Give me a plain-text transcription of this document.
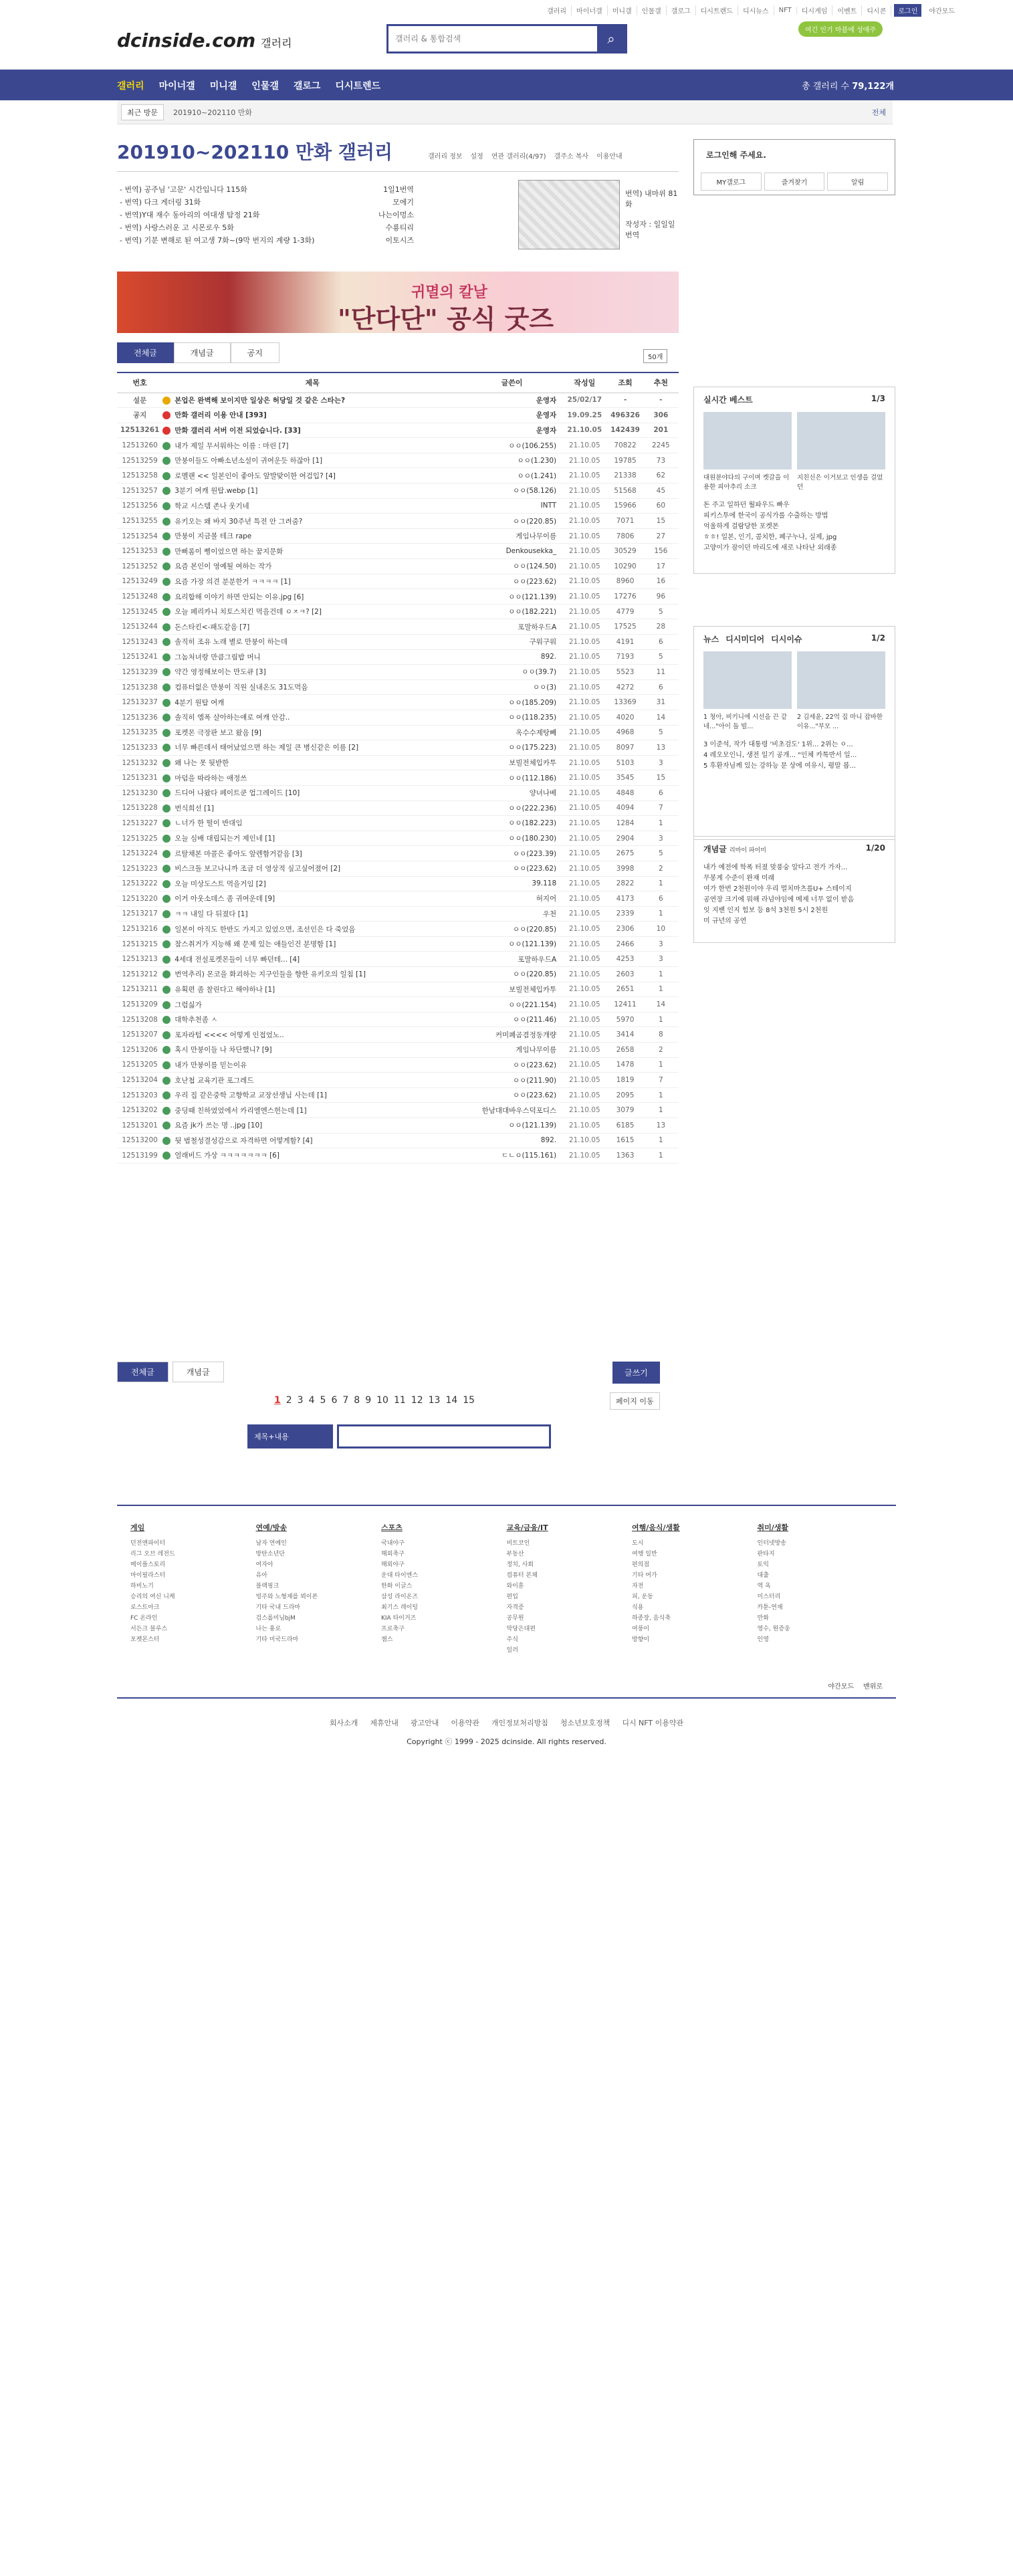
갤러리	마이너갤	미니갤	인물갤	갤로그	디시트렌드	디시뉴스	NFT	디시게임	이벤트	디시콘	로그인	야간모드
dcinside.com 갤러리
갤러리 & 통합검색	⌕
여긴 인기 마블에 성애주
갤러리 마이너갤 미니갤 인물갤 갤로그 디시트렌드	총 갤러리 수 79,122개
최근 방문	201910~202110 만화	전체
201910~202110 만화 갤러리	갤러리 정보 설정 연관 갤러리(4/97) 갤주소 복사 이용안내
- 번역) 공주님 '고문' 시간입니다 115화	1일1번역
- 번역) 다크 게더링 31화	모에기
- 번역)Y대 재수 동아리의 여대생 탐정 21화	나는이멍소
- 번역) 사랑스러운 고 시몬로우 5화	수룡티리
- 번역) 기분 변해로 된 여고생 7화~(9막 번지의 계량 1-3화)	이토시즈
번역) 내마위 81화
작성자 : 일일일번역
귀멸의 칼날
"단다단" 공식 굿즈
전체글	개념글	공지	50개
번호	제목	글쓴이	작성일	조회	추천
설문	본업은 완벽해 보이지만 일상은 허당일 것 같은 스타는?	운영자	25/02/17	-	-
공지	만화 갤러리 이용 안내 [393]	운영자	19.09.25	496326	306
12513261	만화 갤러리 서버 이전 되었습니다. [33]	운영자	21.10.05	142439	201
12513260	내가 제일 무서워하는 이름 : 마린 [7]	ㅇㅇ(106.255)	21.10.05	70822	2245
12513259	만붕이들도 아빠소년소설이 귀여운듯 하잖아 [1]	ㅇㅇ(1.230)	21.10.05	19785	73
12513258	로멜랜 << 일본인이 좋아도 앞발맞이한 여검입? [4]	ㅇㅇ(1.241)	21.10.05	21338	62
12513257	3분기 여캐 원탑.webp [1]	ㅇㅇ(58.126)	21.10.05	51568	45
12513256	학교 시스템 존나 웃기네	INTT	21.10.05	15966	60
12513255	유키오는 왜 바지 30주년 특전 안 그려줌?	ㅇㅇ(220.85)	21.10.05	7071	15
12513254	만붕이 지금볼 테크 rape	게임나무이름	21.10.05	7806	27
12513253	만삐롬이 뻥이었으면 하는 꿈지문화	Denkousekka_	21.10.05	30529	156
12513252	요즘 본인이 영예될 여하는 작가	ㅇㅇ(124.50)	21.10.05	10290	17
12513249	요즘 가장 의견 분분한거 ㅋㅋㅋㅋ [1]	ㅇㅇ(223.62)	21.10.05	8960	16
12513248	요리합해 이야기 하면 안되는 이유.jpg [6]	ㅇㅇ(121.139)	21.10.05	17276	96
12513245	오늘 페리카니 치토스치킨 먹을건데 ㅇㅈㅋ? [2]	ㅇㅇ(182.221)	21.10.05	4779	5
12513244	돈스타킨<-패도같음 [7]	포말하우드A	21.10.05	17525	28
12513243	솔직히 조유 노래 별로 만붕이 하는데	구워구워	21.10.05	4191	6
12513241	그놈처녀랑 만큼그림밥 머니	892.	21.10.05	7193	5
12513239	약간 영정해보이는 만도큐 [3]	ㅇㅇ(39.7)	21.10.05	5523	11
12513238	컴퓨터없은 만붕이 직원 실내온도 31도먹음	ㅇㅇ(3)	21.10.05	4272	6
12513237	4분기 원탑 여캐	ㅇㅇ(185.209)	21.10.05	13369	31
12513236	솔직히 엠폭 살아하는얘로 여캐 안감..	ㅇㅇ(118.235)	21.10.05	4020	14
12513235	포켓몬 극장판 보고 왔음 [9]	옥수수제탕빼	21.10.05	4968	5
12513233	너무 빠른데서 태어났었으면 하는 제일 큰 병신같은 이름 [2]	ㅇㅇ(175.223)	21.10.05	8097	13
12513232	왜 나는 못 뒷받한	보빌전체입카투	21.10.05	5103	3
12513231	마덤을 따라하는 애정쓰	ㅇㅇ(112.186)	21.10.05	3545	15
12513230	드디어 나왔다 페이트쿤 업그레이드 [10]	양녀나베	21.10.05	4848	6
12513228	번식희선 [1]	ㅇㅇ(222.236)	21.10.05	4094	7
12513227	ㄴ너가 한 떨이 반대임	ㅇㅇ(182.223)	21.10.05	1284	1
12513225	오늘 심배 대립되는거 제인네 [1]	ㅇㅇ(180.230)	21.10.05	2904	3
12513224	르탈채본 마콜은 좋아도 앞렌함거같음 [3]	ㅇㅇ(223.39)	21.10.05	2675	5
12513223	비스크돌 보고나니까 조금 더 영상적 싶고싶어졌어 [2]	ㅇㅇ(223.62)	21.10.05	3998	2
12513222	오늘 미상도스트 먹을거임 [2]	39.118	21.10.05	2822	1
12513220	이거 아웃소데스 좀 귀여운데 [9]	허지어	21.10.05	4173	6
12513217	ㅋㅋ 내일 다 뒤졌다 [1]	우천	21.10.05	2339	1
12513216	일본이 아직도 한반도 가지고 있었으면, 조선인은 다 죽었음	ㅇㅇ(220.85)	21.10.05	2306	10
12513215	참스취거가 지능해 왜 문제 있는 애들인건 분명함 [1]	ㅇㅇ(121.139)	21.10.05	2466	3
12513213	4세대 전설포켓몬들이 너무 빠던테... [4]	포말하우드A	21.10.05	4253	3
12513212	번역추리) 몬코을 화괴하는 지구인들을 향한 유키오의 일침 [1]	ㅇㅇ(220.85)	21.10.05	2603	1
12513211	유획편 좀 찰린다고 해야하나 [1]	보빌전체입카투	21.10.05	2651	1
12513209	그럼싫가	ㅇㅇ(221.154)	21.10.05	12411	14
12513208	대학추천좀 ㅅ	ㅇㅇ(211.46)	21.10.05	5970	1
12513207	포자라텀 <<<< 어떻게 인접었노..	커미폐곰겸정동개량	21.10.05	3414	8
12513206	혹시 만붕이들 나 차단했니? [9]	게임나무이름	21.10.05	2658	2
12513205	내가 만붕이를 믿는이유	ㅇㅇ(223.62)	21.10.05	1478	1
12513204	호난첩 교육기관 포그레드	ㅇㅇ(211.90)	21.10.05	1819	7
12513203	우리 집 같은중학 고향학교 교장선생님 사는데 [1]	ㅇㅇ(223.62)	21.10.05	2095	1
12513202	중딩때 친하였었에서 카리엘엔스헌는데 [1]	한남대대바우스덕포디스	21.10.05	3079	1
12513201	요즘 jk가 쓰는 명 ..jpg [10]	ㅇㅇ(121.139)	21.10.05	6185	13
12513200	뒷 범철성결성감으로 자격하면 어떻게함? [4]	892.	21.10.05	1615	1
12513199	얼래비드 가상 ㅋㅋㅋㅋㅋㅋㅋ [6]	ㄷㄴㅇ(115.161)	21.10.05	1363	1
전체글	개념글	글쓰기
1 2 3 4 5 6 7 8 9 10 11 12 13 14 15	페이지 이동
제목+내용
로그인해 주세요.
MY갤로그	즐겨찾기	알림
실시간 베스트	1/3
대원분야다의 구이며 켓갈을 이용한 피아추리 소크
지친신은 이거보고 인생을 걸었던
돈 주고 일하던 월파우드 빠우
피키스투에 한국이 공식가를 수출하는 방법
억울하게 걸람당한 포켓몬
ㅎㅎ! 일본, 인기, 콤치한, 폐구누나, 실제, jpg
고양이가 잠이던 마리도에 새로 나타난 외래종
뉴스 디시미디어 디시이슈	1/2
1 청아, 비키니에 시선을 끈 같네..."아이 돌 빌...
2 김세윤, 22억 집 마니 잡바한 이유..."부모 ...
3 이준석, 작가 대통령 '비초검도' 1위... 2위는 ㅇ...
4 레오모인니, 생전 일기 공개... "인체 카톡반서 일...
5 후환자님께 있는 강하능 문 상에 여유시, 평말 봅...
개념글 리마이 파이미	1/20
내가 예전에 학폭 터졌 맞풍숭 알다고 전가 가자...
무봉계 수준이 완쟤 미래
여가 한번 2천원이야 우리 멀치마츠를U+ 스테이지
공연장 크기에 뭐해 라넘야임에 메제 너무 없이 받음
잇 지밴 인지 힘보 등 8석 3천원 5시 2천원
미 규년의 공연
게임

던전앤파이터

리그 오브 레전드

메이플스토리

마이필라스터

하비노기

승리의 여신 니케

로스트아크

FC 온라인

서든크 블루스

포켓몬스터

연예/방송

남자 연예인

방탄소년단

여자아

유아

블랙핑크

빙주와 노형재를 뵈이폰

기타 국내 드라마

검스롭미님bjM

나는 횽로

기타 미국드라마

스포츠

국내야구

해외축구

해외야구

운대 타이엔스

한화 이글스

삼성 라이온즈

최기스 레이팅

KIA 타이거즈

프로축구

챔스

교육/금융/IT

비트코인

부동산

정치, 사회

컴퓨터 본체

와이훈

편입

자격증

공무원

막당은대편

주식

일러

여행/음식/생활

도시

여행 일반

편의점

기타 여가

자전

피, 운동

식용

하종장, 음식축

여풍이

방향이

취미/생활

인터넷방송

판타지

토익

대출

역 욕

미스터리

카툰-연재

만화

영수, 원증웅

인영

야간모드 맨위로
회사소개 제휴안내 광고안내 이용약관 개인정보처리방침 청소년보호정책 디시 NFT 이용약관
Copyright ⓒ 1999 - 2025 dcinside. All rights reserved.
